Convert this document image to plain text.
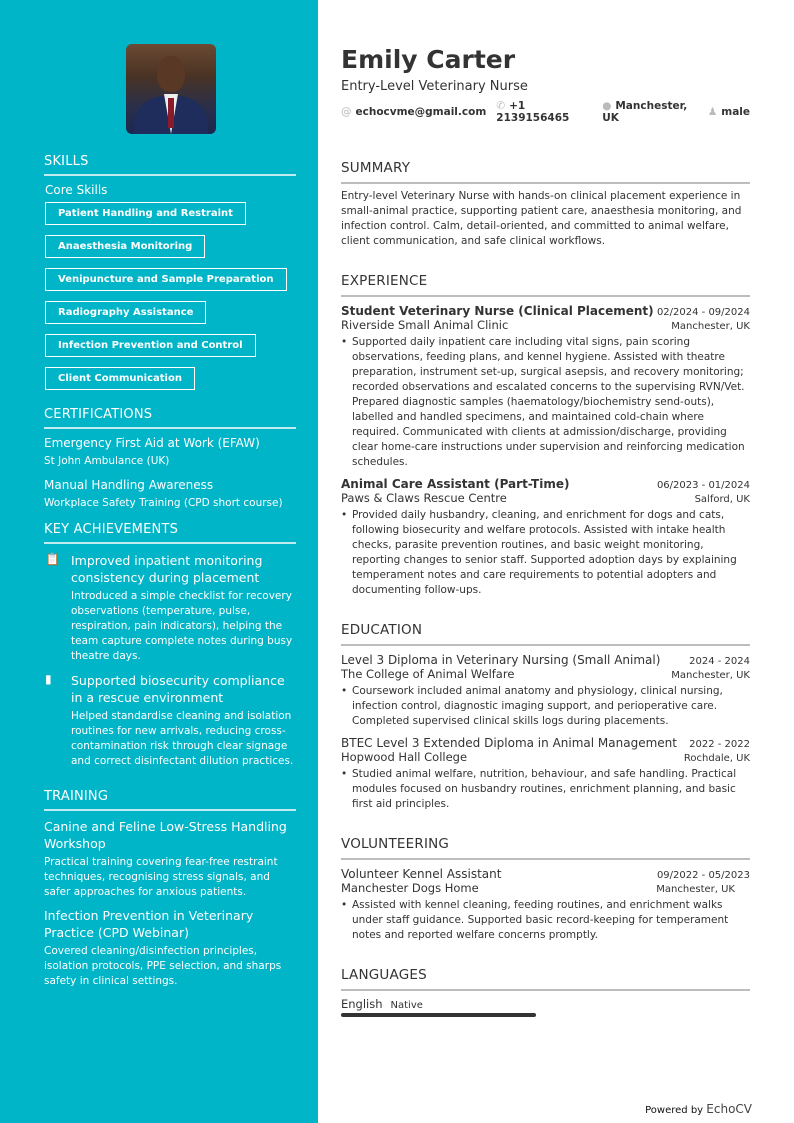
SKILLS
Core Skills
Patient Handling and Restraint
Anaesthesia Monitoring
Venipuncture and Sample Preparation
Radiography Assistance
Infection Prevention and Control
Client Communication
CERTIFICATIONS
Emergency First Aid at Work (EFAW)
St John Ambulance (UK)
Manual Handling Awareness
Workplace Safety Training (CPD short course)
KEY ACHIEVEMENTS
📋 Improved inpatient monitoring consistency during placement
Introduced a simple checklist for recovery observations (temperature, pulse, respiration, pain indicators), helping the team capture complete notes during busy theatre days.
▮	Supported biosecurity compliance in a rescue environment
Helped standardise cleaning and isolation routines for new arrivals, reducing cross-contamination risk through clear signage and correct disinfectant dilution practices.
TRAINING
Canine and Feline Low-Stress Handling Workshop
Practical training covering fear-free restraint techniques, recognising stress signals, and safer approaches for anxious patients.
Infection Prevention in Veterinary Practice (CPD Webinar)
Covered cleaning/disinfection principles, isolation protocols, PPE selection, and sharps safety in clinical settings.
Emily Carter
Entry-Level Veterinary Nurse
@ echocvme@gmail.com ✆ +1 2139156465
● Manchester, UK	♟ male
SUMMARY
Entry-level Veterinary Nurse with hands-on clinical placement experience in small-animal practice, supporting patient care, anaesthesia monitoring, and infection control. Calm, detail-oriented, and committed to animal welfare, client communication, and safe clinical workflows.
EXPERIENCE
Student Veterinary Nurse (Clinical Placement) 02/2024 - 09/2024
Riverside Small Animal Clinic	Manchester, UK
• Supported daily inpatient care including vital signs, pain scoring observations, feeding plans, and kennel hygiene. Assisted with theatre preparation, instrument set-up, surgical asepsis, and recovery monitoring; recorded observations and escalated concerns to the supervising RVN/Vet. Prepared diagnostic samples (haematology/biochemistry send-outs), labelled and handled specimens, and maintained cold-chain where required. Communicated with clients at admission/discharge, providing clear home-care instructions under supervision and reinforcing medication schedules.
Animal Care Assistant (Part-Time)	06/2023 - 01/2024
Paws & Claws Rescue Centre	Salford, UK
• Provided daily husbandry, cleaning, and enrichment for dogs and cats, following biosecurity and welfare protocols. Assisted with intake health checks, parasite prevention routines, and basic weight monitoring, reporting changes to senior staff. Supported adoption days by explaining temperament notes and care requirements to potential adopters and documenting follow-ups.
EDUCATION
Level 3 Diploma in Veterinary Nursing (Small Animal)	2024 - 2024
The College of Animal Welfare	Manchester, UK
• Coursework included animal anatomy and physiology, clinical nursing, infection control, diagnostic imaging support, and perioperative care. Completed supervised clinical skills logs during placements.
BTEC Level 3 Extended Diploma in Animal Management 2022 - 2022
Hopwood Hall College	Rochdale, UK
• Studied animal welfare, nutrition, behaviour, and safe handling. Practical modules focused on husbandry routines, enrichment planning, and basic first aid principles.
VOLUNTEERING
Volunteer Kennel Assistant	09/2022 - 05/2023
Manchester Dogs Home	Manchester, UK
• Assisted with kennel cleaning, feeding routines, and enrichment walks under staff guidance. Supported basic record-keeping for temperament notes and reported welfare concerns promptly.
LANGUAGES
English Native
Powered by EchoCV
